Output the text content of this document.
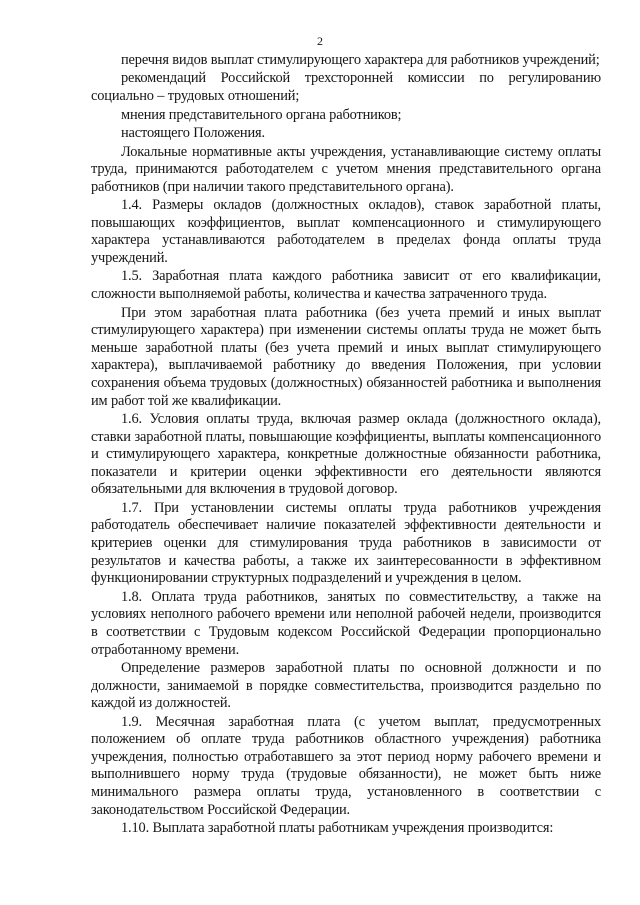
2

перечня видов выплат стимулирующего характера для работников учреждений;

рекомендаций Российской трехсторонней комиссии по регулированию социально – трудовых отношений;

мнения представительного органа работников;

настоящего Положения.

Локальные нормативные акты учреждения, устанавливающие систему оплаты труда, принимаются работодателем с учетом мнения представительного органа работников (при наличии такого представительного органа).

1.4. Размеры окладов (должностных окладов), ставок заработной платы, повышающих коэффициентов, выплат компенсационного и стимулирующего характера устанавливаются работодателем в пределах фонда оплаты труда учреждений.

1.5. Заработная плата каждого работника зависит от его квалификации, сложности выполняемой работы, количества и качества затраченного труда.

При этом заработная плата работника (без учета премий и иных выплат стимулирующего характера) при изменении системы оплаты труда не может быть меньше заработной платы (без учета премий и иных выплат стимулирующего характера), выплачиваемой работнику до введения Положения, при условии сохранения объема трудовых (должностных) обязанностей работника и выполнения им работ той же квалификации.

1.6. Условия оплаты труда, включая размер оклада (должностного оклада), ставки заработной платы, повышающие коэффициенты, выплаты компенсационного и стимулирующего характера, конкретные должностные обязанности работника, показатели и критерии оценки эффективности его деятельности являются обязательными для включения в трудовой договор.

1.7. При установлении системы оплаты труда работников учреждения работодатель обеспечивает наличие показателей эффективности деятельности и критериев оценки для стимулирования труда работников в зависимости от результатов и качества работы, а также их заинтересованности в эффективном функционировании структурных подразделений и учреждения в целом.

1.8. Оплата труда работников, занятых по совместительству, а также на условиях неполного рабочего времени или неполной рабочей недели, производится в соответствии с Трудовым кодексом Российской Федерации пропорционально отработанному времени.

Определение размеров заработной платы по основной должности и по должности, занимаемой в порядке совместительства, производится раздельно по каждой из должностей.

1.9. Месячная заработная плата (с учетом выплат, предусмотренных положением об оплате труда работников областного учреждения) работника учреждения, полностью отработавшего за этот период норму рабочего времени и выполнившего норму труда (трудовые обязанности), не может быть ниже минимального размера оплаты труда, установленного в соответствии с законодательством Российской Федерации.

1.10. Выплата заработной платы работникам учреждения производится:
